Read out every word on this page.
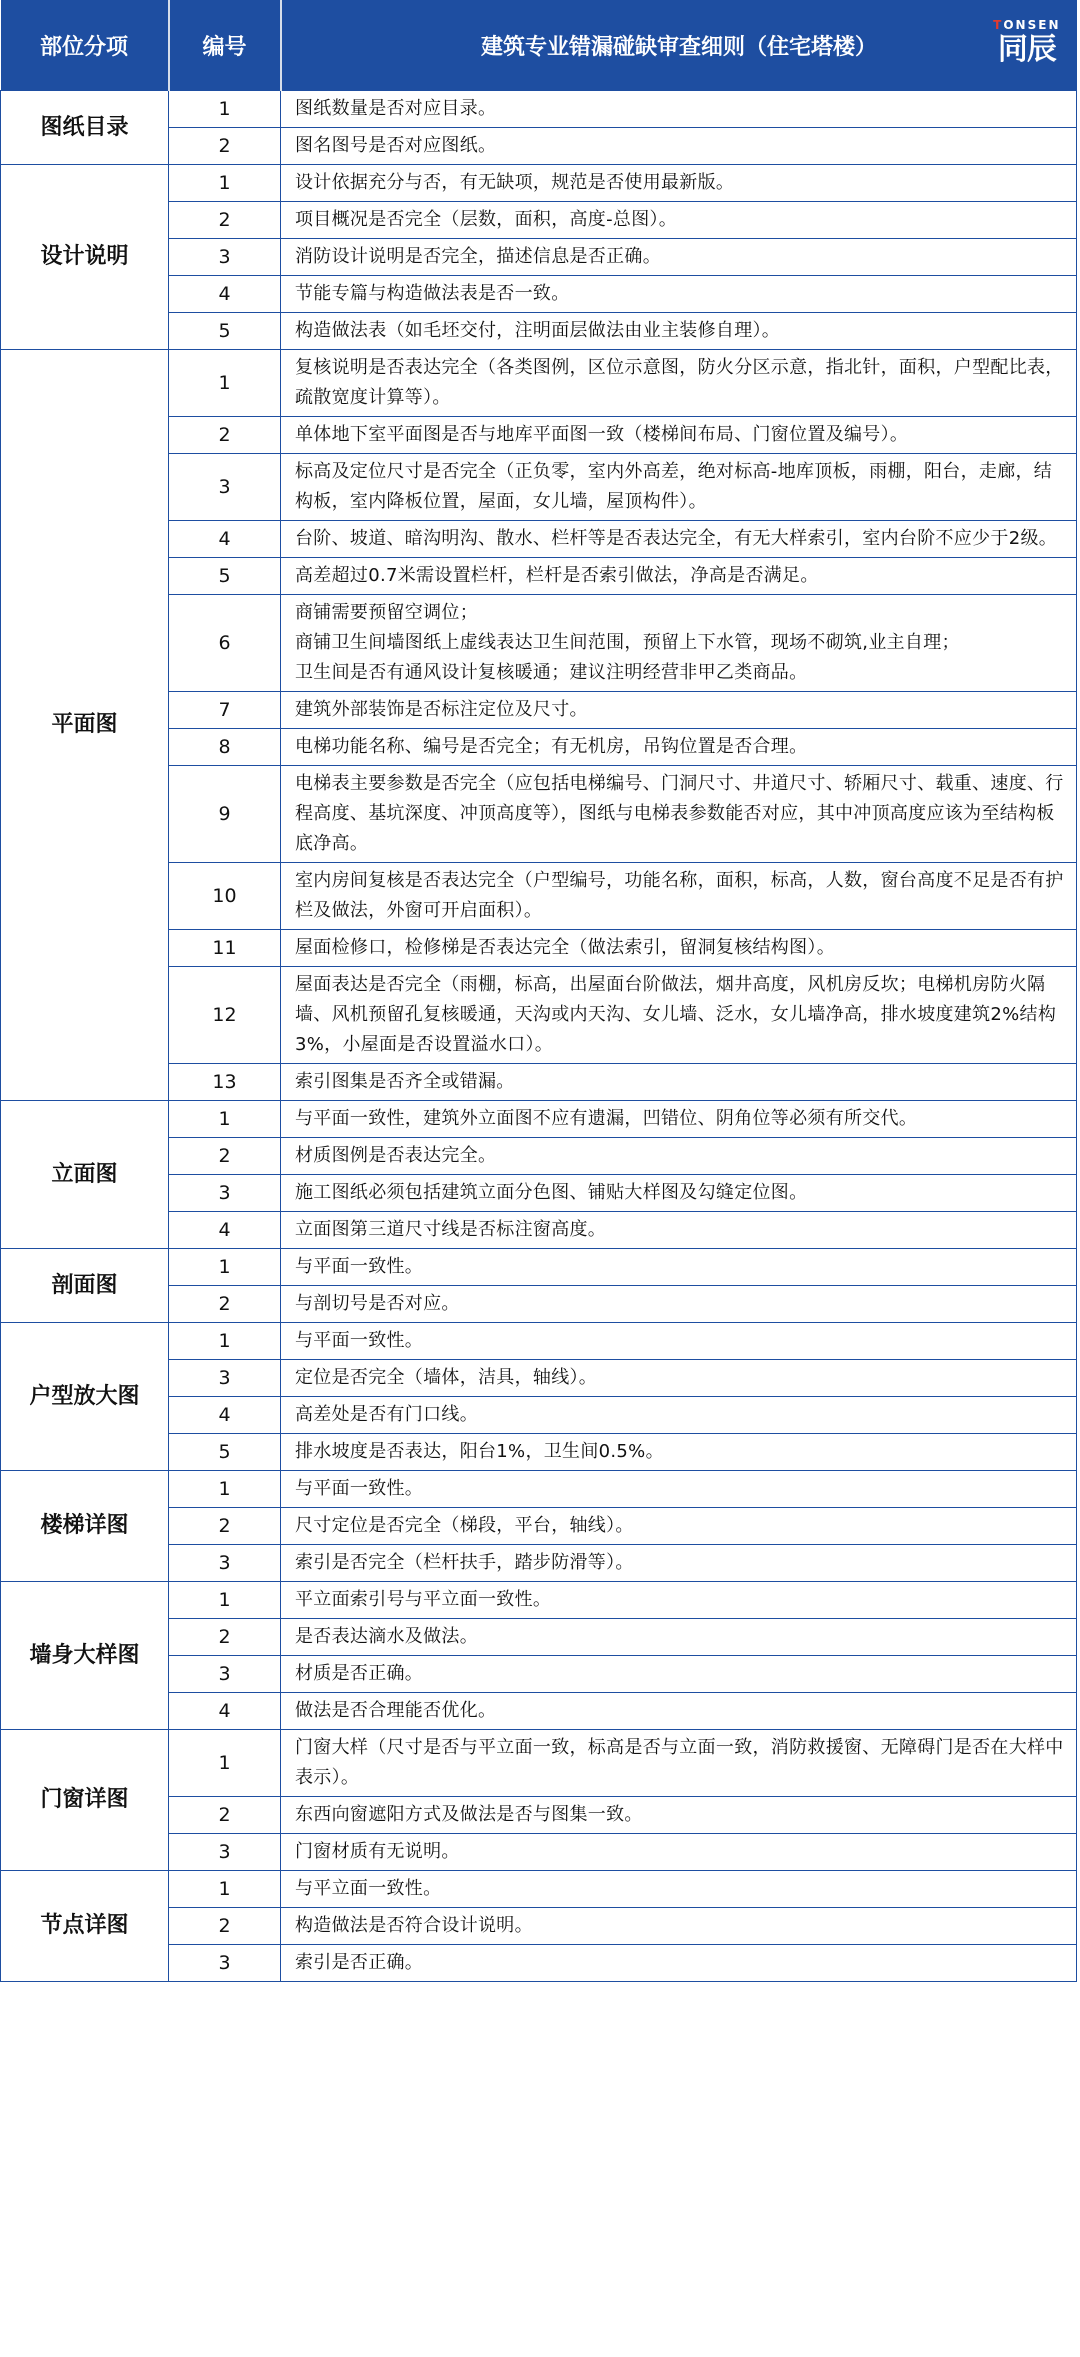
部位分项	编号	建筑专业错漏碰缺审查细则（住宅塔楼）
TONSEN
同辰

图纸目录	1	图纸数量是否对应目录。
	2	图名图号是否对应图纸。
设计说明	1	设计依据充分与否，有无缺项，规范是否使用最新版。
	2	项目概况是否完全（层数，面积，高度-总图）。
	3	消防设计说明是否完全，描述信息是否正确。
	4	节能专篇与构造做法表是否一致。
	5	构造做法表（如毛坯交付，注明面层做法由业主装修自理）。
平面图	1	复核说明是否表达完全（各类图例，区位示意图，防火分区示意，指北针，面积，户型配比表，疏散宽度计算等）。
	2	单体地下室平面图是否与地库平面图一致（楼梯间布局、门窗位置及编号）。
	3	标高及定位尺寸是否完全（正负零，室内外高差，绝对标高-地库顶板，雨棚，阳台，走廊，结构板，室内降板位置，屋面，女儿墙，屋顶构件）。
	4	台阶、坡道、暗沟明沟、散水、栏杆等是否表达完全，有无大样索引，室内台阶不应少于2级。
	5	高差超过0.7米需设置栏杆，栏杆是否索引做法，净高是否满足。
	6	商铺需要预留空调位；
商铺卫生间墙图纸上虚线表达卫生间范围，预留上下水管，现场不砌筑,业主自理；
卫生间是否有通风设计复核暖通；建议注明经营非甲乙类商品。
	7	建筑外部装饰是否标注定位及尺寸。
	8	电梯功能名称、编号是否完全；有无机房，吊钩位置是否合理。
	9	电梯表主要参数是否完全（应包括电梯编号、门洞尺寸、井道尺寸、轿厢尺寸、载重、速度、行程高度、基坑深度、冲顶高度等），图纸与电梯表参数能否对应，其中冲顶高度应该为至结构板底净高。
	10	室内房间复核是否表达完全（户型编号，功能名称，面积，标高，人数，窗台高度不足是否有护栏及做法，外窗可开启面积）。
	11	屋面检修口，检修梯是否表达完全（做法索引，留洞复核结构图）。
	12	屋面表达是否完全（雨棚，标高，出屋面台阶做法，烟井高度，风机房反坎；电梯机房防火隔墙、风机预留孔复核暖通，天沟或内天沟、女儿墙、泛水，女儿墙净高，排水坡度建筑2%结构3%，小屋面是否设置溢水口）。
	13	索引图集是否齐全或错漏。
立面图	1	与平面一致性，建筑外立面图不应有遗漏，凹错位、阴角位等必须有所交代。
	2	材质图例是否表达完全。
	3	施工图纸必须包括建筑立面分色图、铺贴大样图及勾缝定位图。
	4	立面图第三道尺寸线是否标注窗高度。
剖面图	1	与平面一致性。
	2	与剖切号是否对应。
户型放大图	1	与平面一致性。
	3	定位是否完全（墙体，洁具，轴线）。
	4	高差处是否有门口线。
	5	排水坡度是否表达，阳台1%，卫生间0.5%。
楼梯详图	1	与平面一致性。
	2	尺寸定位是否完全（梯段，平台，轴线）。
	3	索引是否完全（栏杆扶手，踏步防滑等）。
墙身大样图	1	平立面索引号与平立面一致性。
	2	是否表达滴水及做法。
	3	材质是否正确。
	4	做法是否合理能否优化。
门窗详图	1	门窗大样（尺寸是否与平立面一致，标高是否与立面一致，消防救援窗、无障碍门是否在大样中表示）。
	2	东西向窗遮阳方式及做法是否与图集一致。
	3	门窗材质有无说明。
节点详图	1	与平立面一致性。
	2	构造做法是否符合设计说明。
	3	索引是否正确。
